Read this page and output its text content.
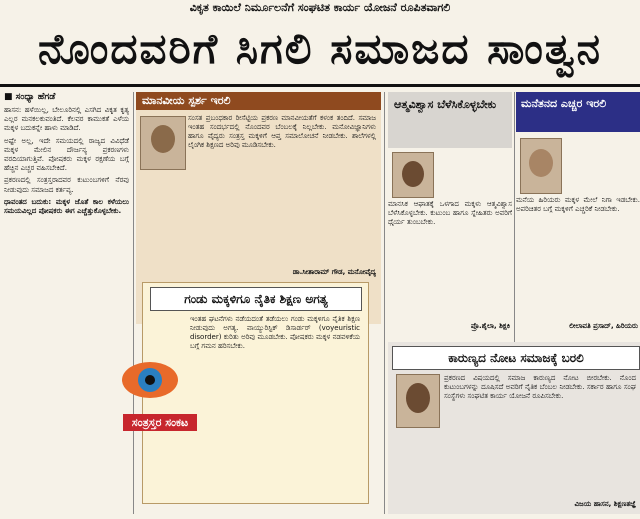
ವಿಕೃತ ಕಾಯಿಲೆ ನಿರ್ಮೂಲನೆಗೆ ಸಂಘಟಿತ ಕಾರ್ಯ ಯೋಜನೆ ರೂಪಿತವಾಗಲಿ
ನೊಂದವರಿಗೆ ಸಿಗಲಿ ಸಮಾಜದ ಸಾಂತ್ವನ
■ ಸಂಧ್ಯಾ ಹೆಗಡೆ

ಹಾಸನ: ಹಳೆಯಿಲ್ಲ, ಬೇಲೂರಿನಲ್ಲಿ ಎಸಗಿದ ವಿಕೃತ ಕೃತ್ಯ ಎಲ್ಲರ ಮನಕಲಕುವಂತಿದೆ. ಕೆಲವರ ಕಾಮುಕತೆ ಎಳೆಯ ಮಕ್ಕಳ ಬದುಕನ್ನೇ ಹಾಳು ಮಾಡಿದೆ.

ಅಷ್ಟೇ ಅಲ್ಲ, ಇದೇ ಸಮಯದಲ್ಲಿ ರಾಜ್ಯದ ವಿವಿಧೆಡೆ ಮಕ್ಕಳ ಮೇಲಿನ ದೌರ್ಜನ್ಯ ಪ್ರಕರಣಗಳು ವರದಿಯಾಗುತ್ತಿವೆ. ಪೋಷಕರು ಮಕ್ಕಳ ರಕ್ಷಣೆಯ ಬಗ್ಗೆ ಹೆಚ್ಚಿನ ಎಚ್ಚರ ವಹಿಸಬೇಕಿದೆ.

ಪ್ರಕರಣದಲ್ಲಿ ಸಂತ್ರಸ್ತರಾದವರ ಕುಟುಂಬಗಳಿಗೆ ನೆರವು ನೀಡುವುದು ಸಮಾಜದ ಕರ್ತವ್ಯ.

ಧಾವಂತದ ಬದುಕು: ಮಕ್ಕಳ ಜೊತೆ ಕಾಲ ಕಳೆಯಲು ಸಮಯವಿಲ್ಲದ ಪೋಷಕರು ಈಗ ಎಚ್ಚೆತ್ತುಕೊಳ್ಳಬೇಕು.

ಮಾನವೀಯ ಸ್ಪರ್ಶ ಇರಲಿ
ಸಂಸತ ಪ್ರಬಂಧಕಾರ ರೀಸೆಟ್ಟಿಯ ಪ್ರಕರಣ ಮಾನವೀಯತೆಗೆ ಕಳಂಕ ತಂದಿದೆ. ಸಮಾಜ ಇಂತಹ ಸಂದರ್ಭದಲ್ಲಿ ನೊಂದವರ ಬೆಂಬಲಕ್ಕೆ ನಿಲ್ಲಬೇಕು. ಮನೋವಿಜ್ಞಾನಿಗಳು ಹಾಗೂ ವೈದ್ಯರು ಸಂತ್ರಸ್ತ ಮಕ್ಕಳಿಗೆ ಆಪ್ತ ಸಮಾಲೋಚನೆ ನೀಡಬೇಕು. ಶಾಲೆಗಳಲ್ಲಿ ಲೈಂಗಿಕ ಶಿಕ್ಷಣದ ಅರಿವು ಮೂಡಿಸಬೇಕು.
ಡಾ.ಸೀತಾರಾಮ್ ಗೌಡ, ಮನೋವೈದ್ಯ
ಗಂಡು ಮಕ್ಕಳಿಗೂ ನೈತಿಕ ಶಿಕ್ಷಣ ಅಗತ್ಯ
ಇಂತಹ ಘಟನೆಗಳು ನಡೆಯದಂತೆ ತಡೆಯಲು ಗಂಡು ಮಕ್ಕಳಿಗೂ ನೈತಿಕ ಶಿಕ್ಷಣ ನೀಡುವುದು ಅಗತ್ಯ. ವಾಯ್ಯುರಿಸ್ಟಿಕ್ ಡಿಸಾರ್ಡರ್ (voyeuristic disorder) ಕುರಿತು ಅರಿವು ಮೂಡಬೇಕು. ಪೋಷಕರು ಮಕ್ಕಳ ನಡವಳಿಕೆಯ ಬಗ್ಗೆ ಗಮನ ಹರಿಸಬೇಕು.
ಸಂತ್ರಸ್ತರ ಸಂಕಟ
ಆತ್ಮವಿಶ್ವಾಸ ಬೆಳೆಸಿಕೊಳ್ಳಬೇಕು
ಮಾನಸಿಕ ಆಘಾತಕ್ಕೆ ಒಳಗಾದ ಮಕ್ಕಳು ಆತ್ಮವಿಶ್ವಾಸ ಬೆಳೆಸಿಕೊಳ್ಳಬೇಕು. ಕುಟುಂಬ ಹಾಗೂ ಸ್ನೇಹಿತರು ಅವರಿಗೆ ಧೈರ್ಯ ತುಂಬಬೇಕು.
ಪ್ರೊ.ಶೈಲಾ, ಶಿಕ್ಷಕಿ
ಮನೆತನದ ಎಚ್ಚರ ಇರಲಿ
ಮನೆಯ ಹಿರಿಯರು ಮಕ್ಕಳ ಮೇಲೆ ನಿಗಾ ಇಡಬೇಕು. ಅಪರಿಚಿತರ ಬಗ್ಗೆ ಮಕ್ಕಳಿಗೆ ಎಚ್ಚರಿಕೆ ನೀಡಬೇಕು.
ಲೀಲಾವತಿ ಪ್ರಸಾದ್, ಹಿರಿಯರು
ಕಾರುಣ್ಯದ ನೋಟ ಸಮಾಜಕ್ಕೆ ಬರಲಿ
ಪ್ರಕರಣದ ವಿಷಯದಲ್ಲಿ ಸಮಾಜ ಕಾರುಣ್ಯದ ನೋಟ ಬೀರಬೇಕು. ನೊಂದ ಕುಟುಂಬಗಳನ್ನು ದೂಷಿಸದೆ ಅವರಿಗೆ ನೈತಿಕ ಬೆಂಬಲ ನೀಡಬೇಕು. ಸರ್ಕಾರ ಹಾಗೂ ಸಂಘ ಸಂಸ್ಥೆಗಳು ಸಂಘಟಿತ ಕಾರ್ಯ ಯೋಜನೆ ರೂಪಿಸಬೇಕು.
ವಿಜಯ ಹಾಸನ, ಶಿಕ್ಷಣತಜ್ಞೆ
